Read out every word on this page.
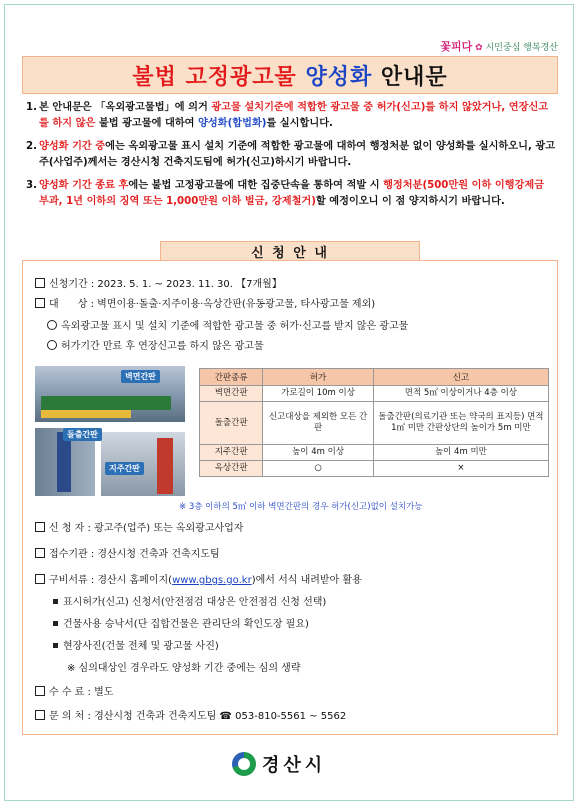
꽃피다 ✿ 시민중심 행복경산
불법 고정광고물 양성화 안내문
1. 본 안내문은 「옥외광고물법」에 의거 광고물 설치기준에 적합한 광고물 중 허가(신고)를 하지 않았거나, 연장신고를 하지 않은 불법 광고물에 대하여 양성화(합법화)를 실시합니다.
2. 양성화 기간 중에는 옥외광고물 표시 설치 기준에 적합한 광고물에 대하여 행정처분 없이 양성화를 실시하오니, 광고주(사업주)께서는 경산시청 건축지도팀에 허가(신고)하시기 바랍니다.
3. 양성화 기간 종료 후에는 불법 고정광고물에 대한 집중단속을 통하여 적발 시 행정처분(500만원 이하 이행강제금 부과, 1년 이하의 징역 또는 1,000만원 이하 벌금, 강제철거)할 예정이오니 이 점 양지하시기 바랍니다.
신 청 안 내
신청기간 : 2023. 5. 1. ~ 2023. 11. 30. 【7개월】
대      상 : 벽면이용·돌출·지주이용·옥상간판(유동광고물, 타사광고물 제외)
옥외광고물 표시 및 설치 기준에 적합한 광고물 중 허가·신고를 받지 않은 광고물
허가기간 만료 후 연장신고를 하지 않은 광고물
벽면간판
돌출간판
지주간판
간판종류	허가	신고
벽면간판	가로길이 10m 이상	면적 5㎡ 이상이거나 4층 이상
돌출간판	신고대상을 제외한 모든 간판	돌출간판(의료기관 또는 약국의 표지등) 면적 1㎡ 미만 간판상단의 높이가 5m 미만
지주간판	높이 4m 이상	높이 4m 미만
옥상간판	○	×
※ 3층 이하의 5㎡ 이하 벽면간판의 경우 허가(신고)없이 설치가능
신 청 자 : 광고주(업주) 또는 옥외광고사업자
접수기관 : 경산시청 건축과 건축지도팀
구비서류 : 경산시 홈페이지(www.gbgs.go.kr)에서 서식 내려받아 활용
표시허가(신고) 신청서(안전점검 대상은 안전점검 신청 선택)
건물사용 승낙서(단 집합건물은 관리단의 확인도장 필요)
현장사진(건물 전체 및 광고물 사진)
※ 심의대상인 경우라도 양성화 기간 중에는 심의 생략
수 수 료 : 별도
문 의 처 : 경산시청 건축과 건축지도팀 ☎ 053-810-5561 ~ 5562
경산시
